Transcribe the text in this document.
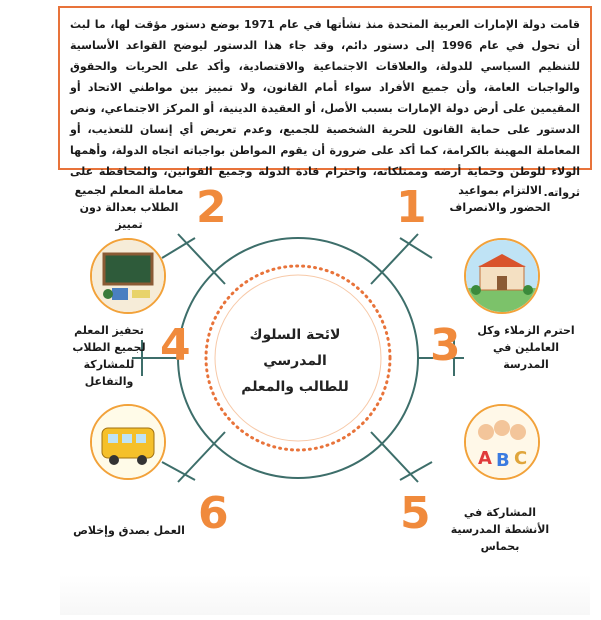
قامت دولة الإمارات العربية المتحدة منذ نشأتها في عام 1971 بوضع دستور مؤقت لها، ما لبث أن تحول في عام 1996 إلى دستور دائم، وقد جاء هذا الدستور ليوضح القواعد الأساسية للتنظيم السياسي للدولة، والعلاقات الاجتماعية والاقتصادية، وأكد على الحريات والحقوق والواجبات العامة، وأن جميع الأفراد سواء أمام القانون، ولا تمييز بين مواطني الاتحاد أو المقيمين على أرض دولة الإمارات بسبب الأصل، أو العقيدة الدينية، أو المركز الاجتماعي، ونص الدستور على حماية القانون للحرية الشخصية للجميع، وعدم تعريض أي إنسان للتعذيب، أو المعاملة المهينة بالكرامة، كما أكد على ضرورة أن يقوم المواطن بواجباته اتجاه الدولة، وأهمها الولاء للوطن وحماية أرضه وممتلكاته، واحترام قادة الدولة وجميع القوانين، والمحافظة على ثرواته.
لائحة السلوك
المدرسي
للطالب والمعلم
1	الالتزام بمواعيد الحضور والانصراف
2
معاملة المعلم لجميع الطلاب بعدالة دون تمييز
3 احترم الزملاء وكل العاملين في المدرسة
4
تحفيز المعلم لجميع الطلاب للمشاركة والتفاعل
5	المشاركة في الأنشطة المدرسية بحماس
6
العمل بصدق وإخلاص
A B C
